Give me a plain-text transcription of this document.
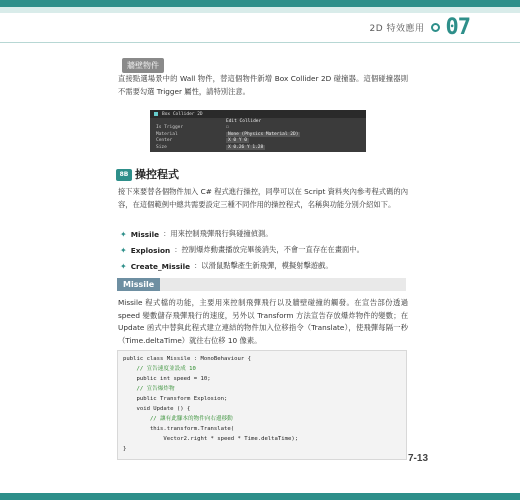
2D 特效應用 07
牆壁物件
直接點選場景中的 Wall 物件，替這個物件新增 Box Collider 2D 碰撞器。這個碰撞器則不需要勾選 Trigger 屬性，請特別注意。
Box Collider 2D
Edit Collider
Is Trigger	☐
Material	None (Physics Material 2D)
Center	X 0 Y 0
Size	X 0.26 Y 1.28
8B 操控程式
接下來要替各個物件加入 C# 程式進行操控，同學可以在 Script 資料夾內參考程式碼的內容，在這個範例中總共需要設定三種不同作用的操控程式，名稱與功能分別介紹如下。
✦ Missile ：用來控制飛彈飛行與碰撞偵測。
✦ Explosion ：控制爆炸動畫播放完畢後消失，不會一直存在在畫面中。
✦ Create_Missile ：以滑鼠點擊產生新飛彈，模擬射擊遊戲。
Missile
Missile 程式檔的功能，主要用來控制飛彈飛行以及牆壁碰撞的觸發。在宣告部份透過 speed 變數儲存飛彈飛行的速度，另外以 Transform 方法宣告存放爆炸物件的變數；在 Update 函式中替與此程式建立連結的物件加入位移指令（Translate），使飛彈每隔一秒（Time.deltaTime）就往右位移 10 像素。
public class Missile : MonoBehaviour {
// 宣告速度並設成 10
public int speed = 10;
// 宣告爆炸物
public Transform Explosion;
void Update () {
// 讓有此腳本的物件向右邊移動
this.transform.Translate(
Vector2.right * speed * Time.deltaTime);
}
7-13
